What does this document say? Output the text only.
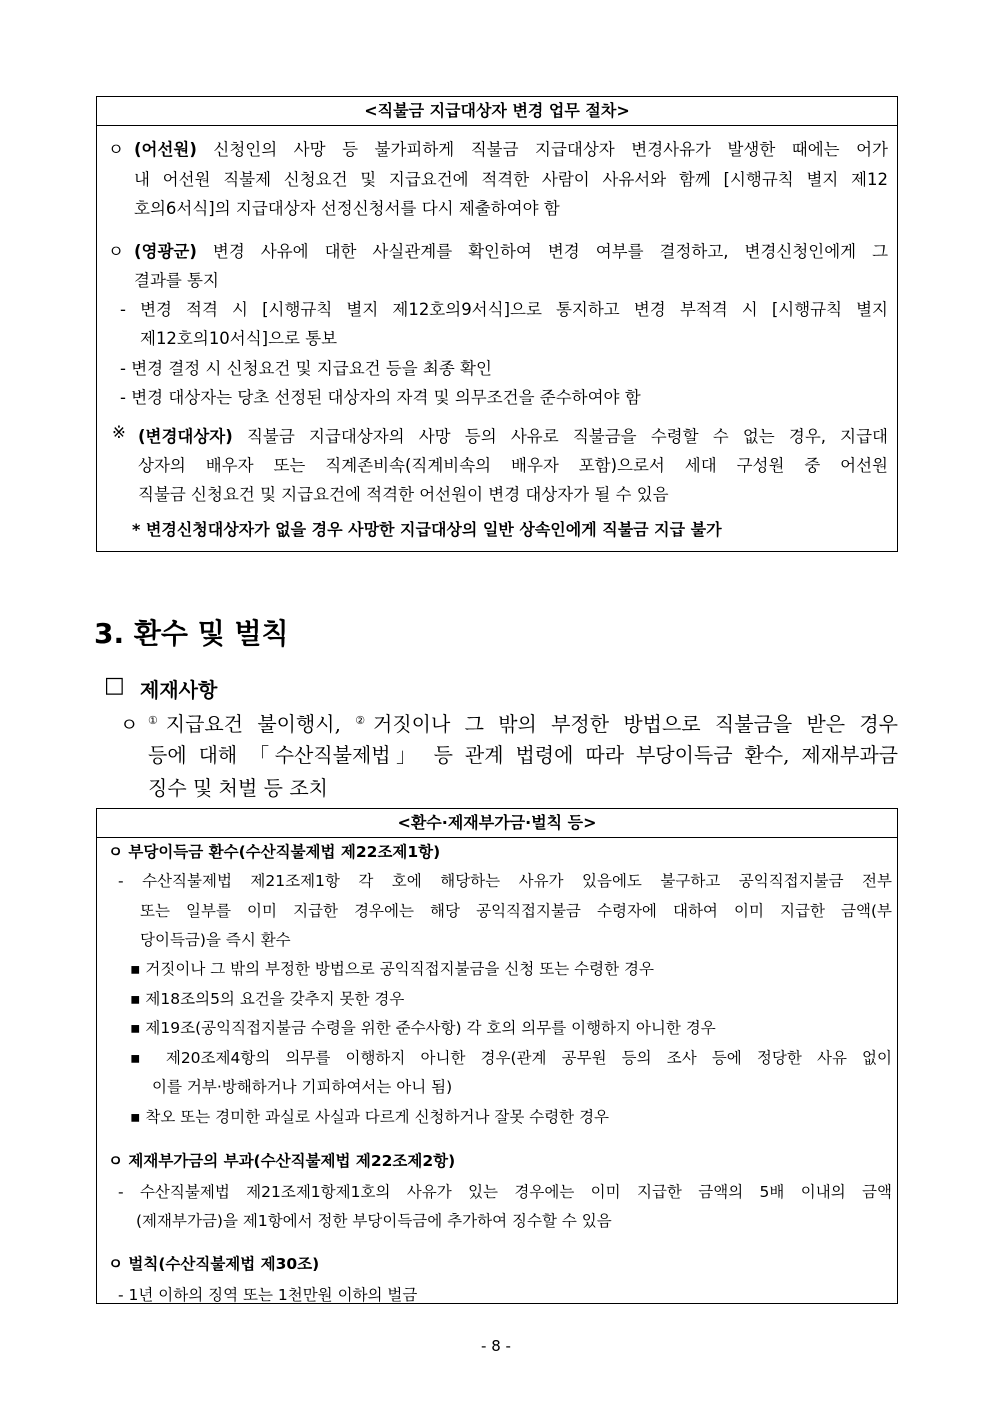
<직불금 지급대상자 변경 업무 절차>
ㅇ (어선원) 신청인의 사망 등 불가피하게 직불금 지급대상자 변경사유가 발생한 때에는 어가
내 어선원 직불제 신청요건 및 지급요건에 적격한 사람이 사유서와 함께 [시행규칙 별지 제12
호의6서식]의 지급대상자 선정신청서를 다시 제출하여야 함
ㅇ (영광군) 변경 사유에 대한 사실관계를 확인하여 변경 여부를 결정하고, 변경신청인에게 그
결과를 통지
- 변경 적격 시 [시행규칙 별지 제12호의9서식]으로 통지하고 변경 부적격 시 [시행규칙 별지
제12호의10서식]으로 통보
- 변경 결정 시 신청요건 및 지급요건 등을 최종 확인
- 변경 대상자는 당초 선정된 대상자의 자격 및 의무조건을 준수하여야 함
※ (변경대상자) 직불금 지급대상자의 사망 등의 사유로 직불금을 수령할 수 없는 경우, 지급대
상자의 배우자 또는 직계존비속(직계비속의 배우자 포함)으로서 세대 구성원 중 어선원
직불금 신청요건 및 지급요건에 적격한 어선원이 변경 대상자가 될 수 있음
* 변경신청대상자가 없을 경우 사망한 지급대상의 일반 상속인에게 직불금 지급 불가
3. 환수 및 벌칙
□ 제재사항
ㅇ ①지급요건 불이행시, ②거짓이나 그 밖의 부정한 방법으로 직불금을 받은 경우
등에 대해 「수산직불제법」 등 관계 법령에 따라 부당이득금 환수, 제재부과금
징수 및 처벌 등 조치
<환수·제재부가금·벌칙 등>
ㅇ 부당이득금 환수(수산직불제법 제22조제1항)
- 수산직불제법 제21조제1항 각 호에 해당하는 사유가 있음에도 불구하고 공익직접지불금 전부
또는 일부를 이미 지급한 경우에는 해당 공익직접지불금 수령자에 대하여 이미 지급한 금액(부
당이득금)을 즉시 환수
▪ 거짓이나 그 밖의 부정한 방법으로 공익직접지불금을 신청 또는 수령한 경우
▪ 제18조의5의 요건을 갖추지 못한 경우
▪ 제19조(공익직접지불금 수령을 위한 준수사항) 각 호의 의무를 이행하지 아니한 경우
▪ 제20조제4항의 의무를 이행하지 아니한 경우(관계 공무원 등의 조사 등에 정당한 사유 없이
이를 거부·방해하거나 기피하여서는 아니 됨)
▪ 착오 또는 경미한 과실로 사실과 다르게 신청하거나 잘못 수령한 경우
ㅇ 제재부가금의 부과(수산직불제법 제22조제2항)
- 수산직불제법 제21조제1항제1호의 사유가 있는 경우에는 이미 지급한 금액의 5배 이내의 금액
(제재부가금)을 제1항에서 정한 부당이득금에 추가하여 징수할 수 있음
ㅇ 벌칙(수산직불제법 제30조)
- 1년 이하의 징역 또는 1천만원 이하의 벌금
- 8 -
